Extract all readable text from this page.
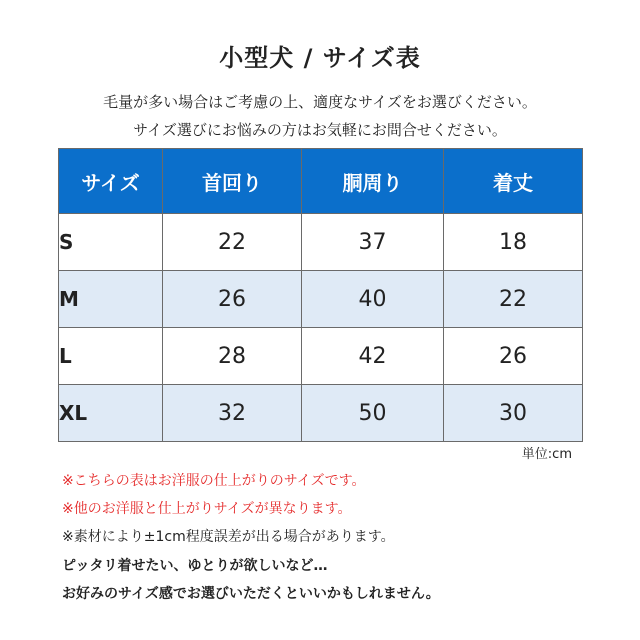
小型犬 / サイズ表
毛量が多い場合はご考慮の上、適度なサイズをお選びください。
サイズ選びにお悩みの方はお気軽にお問合せください。
サイズ	首回り	胴周り	着丈
S	22	37	18
M	26	40	22
L	28	42	26
XL	32	50	30
単位:cm
※こちらの表はお洋服の仕上がりのサイズです。
※他のお洋服と仕上がりサイズが異なります。
※素材により±1cm程度誤差が出る場合があります。
ピッタリ着せたい、ゆとりが欲しいなど…
お好みのサイズ感でお選びいただくといいかもしれません。
